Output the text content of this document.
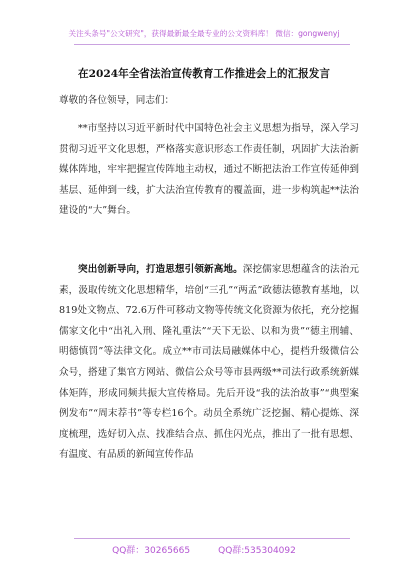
关注头条号"公文研究"，获得最新最全最专业的公文资料库！ 微信：gongwenyj
在2024年全省法治宣传教育工作推进会上的汇报发言
尊敬的各位领导，同志们：

**市坚持以习近平新时代中国特色社会主义思想为指导，深入学习贯彻习近平文化思想，严格落实意识形态工作责任制，巩固扩大法治新媒体阵地，牢牢把握宣传阵地主动权，通过不断把法治工作宣传延伸到基层、延伸到一线，扩大法治宣传教育的覆盖面，进一步构筑起**法治建设的“大”舞台。

突出创新导向，打造思想引领新高地。深挖儒家思想蕴含的法治元素，汲取传统文化思想精华，培创“三孔”“两孟”政德法德教育基地，以819处文物点、72.6万件可移动文物等传统文化资源为依托，充分挖掘儒家文化中“出礼入刑、隆礼重法”“天下无讼、以和为贵”“德主刑辅、明德慎罚”等法律文化。成立**市司法局融媒体中心，提档升级微信公众号，搭建了集官方网站、微信公众号等市县两级**司法行政系统新媒体矩阵，形成同频共振大宣传格局。先后开设“我的法治故事”“典型案例发布”“周末荐书”等专栏16个。动员全系统广泛挖掘、精心提炼、深度梳理，选好切入点、找准结合点、抓住闪光点，推出了一批有思想、有温度、有品质的新闻宣传作品

QQ群：30265665	QQ群:535304092
